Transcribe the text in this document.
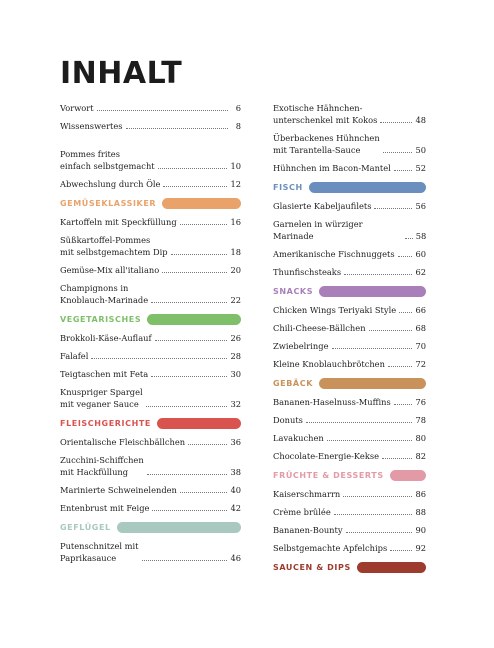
INHALT
Vorwort	6
Wissenswertes	8
Pommes frites
einfach selbstgemacht	10
Abwechslung durch Öle	12
GEMÜSEKLASSIKER
Kartoffeln mit Speckfüllung	16
Süßkartoffel-Pommes
mit selbstgemachtem Dip	18
Gemüse-Mix all'italiano	20
Champignons in
Knoblauch-Marinade	22
VEGETARISCHES
Brokkoli-Käse-Auflauf	26
Falafel	28
Teigtaschen mit Feta	30
Knuspriger Spargel
mit veganer Sauce	32
FLEISCHGERICHTE
Orientalische Fleischbällchen	36
Zucchini-Schiffchen
mit Hackfüllung	38
Marinierte Schweinelenden	40
Entenbrust mit Feige	42
GEFLÜGEL
Putenschnitzel mit
Paprikasauce	46
Exotische Hähnchen-
unterschenkel mit Kokos	48
Überbackenes Hühnchen
mit Tarantella-Sauce	50
Hühnchen im Bacon-Mantel	52
FISCH
Glasierte Kabeljaufilets	56
Garnelen in würziger Marinade	58
Amerikanische Fischnuggets	60
Thunfischsteaks	62
SNACKS
Chicken Wings Teriyaki Style 66
Chili-Cheese-Bällchen	68
Zwiebelringe	70
Kleine Knoblauchbrötchen	72
GEBÄCK
Bananen-Haselnuss-Muffins	76
Donuts	78
Lavakuchen	80
Chocolate-Energie-Kekse	82
FRÜCHTE & DESSERTS
Kaiserschmarrn	86
Crème brûlée	88
Bananen-Bounty	90
Selbstgemachte Apfelchips	92
SAUCEN & DIPS
